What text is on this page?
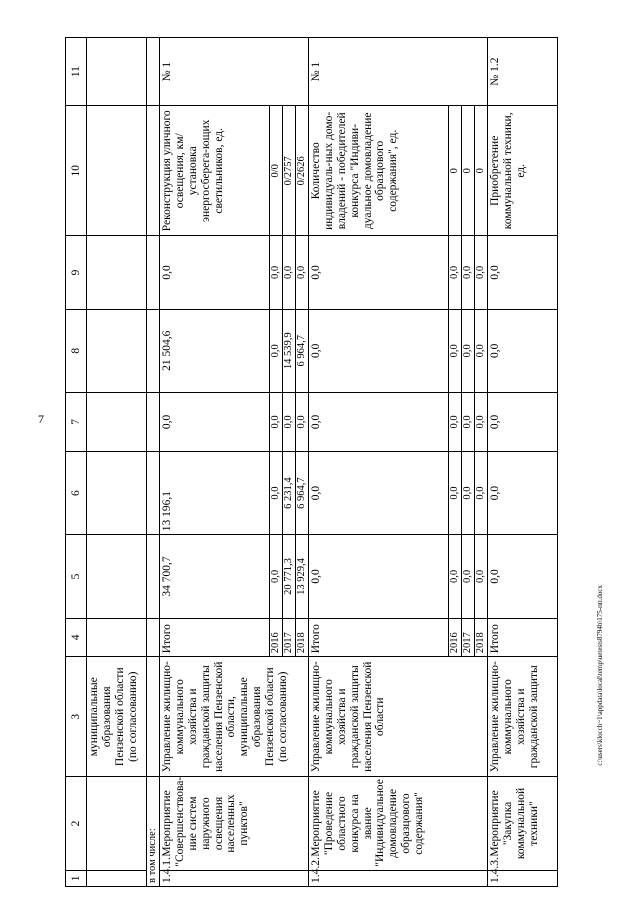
7
1	2	3	4	5	6	7	8	9	10	11
		муниципальные образования Пензенской области (по согласованию)								
в том числе:										
1.4.1.	Мероприятие "Совершенствова-ние систем наружного освещения населенных пунктов"	Управление жилищно-коммунального хозяйства и гражданской защиты населения Пензенской области, муниципальные образования Пензенской области (по согласованию)	Итого	34 700,7	13 196,1	0,0	21 504,6	0,0	Реконструкция уличного освещения, км/установка энергосберега-ющих светильников, ед.	№ 1
			2016	0,0	0,0	0,0	0,0	0,0	0/0	
			2017	20 771,3	6 231,4	0,0	14 539,9	0,0	0/2757	
			2018	13 929,4	6 964,7	0,0	6 964,7	0,0	0/2626	
1.4.2.	Мероприятие "Проведение областного конкурса на звание "Индивидуальное домовладение образцового содержания"	Управление жилищно-коммунального хозяйства и гражданской защиты населения Пензенской области	Итого	0,0	0,0	0,0	0,0	0,0	Количество индивидуаль-ных домо-владений - победителей конкурса "Индиви-дуальное домовладение образцового содержания", ед.	№ 1
			2016	0,0	0,0	0,0	0,0	0,0	0	
			2017	0,0	0,0	0,0	0,0	0,0	0	
			2018	0,0	0,0	0,0	0,0	0,0	0	
1.4.3.	Мероприятие "Закупка коммунальной техники"	Управление жилищно-коммунального хозяйства и гражданской защиты	Итого	0,0	0,0	0,0	0,0	0,0	Приобретение коммунальной техники, ед.	№ 1.2
c:\users\klocch~1\appdata\local\temp\uetests8794b\175-пп.docx
